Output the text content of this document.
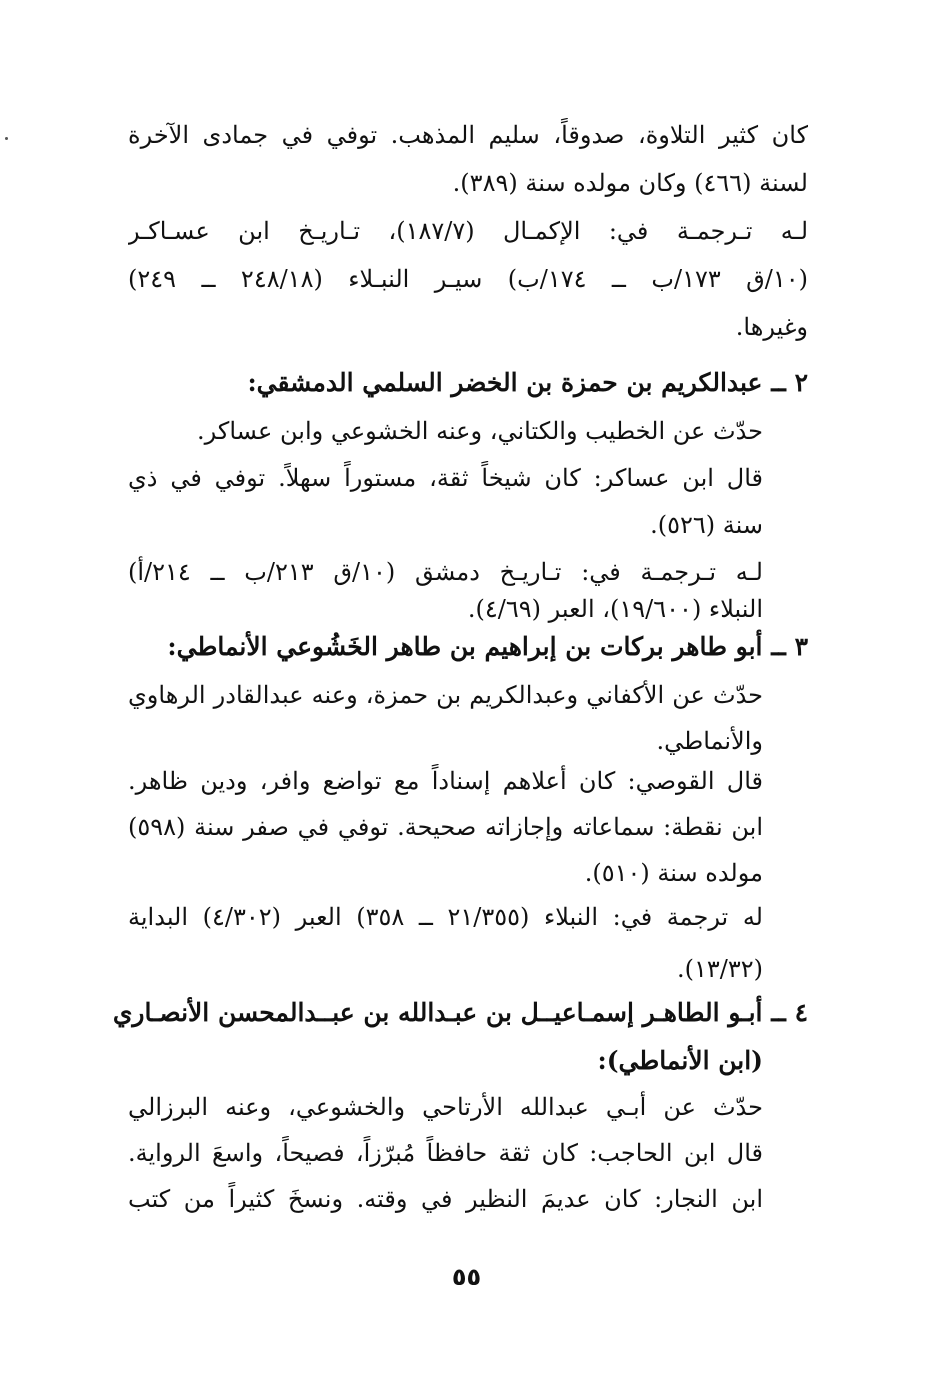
كان كثير التلاوة، صدوقاً، سليم المذهب. توفي في جمادى الآخرة
لسنة (٤٦٦) وكان مولده سنة (٣٨٩).
لـه تـرجمـة في: الإكمـال (١٨٧/٧)، تـاريـخ ابن عسـاكـر
(١٠/ق ١٧٣/ب ــ ١٧٤/ب) سيـر النبـلاء (٢٤٨/١٨ ــ ٢٤٩)
وغيرها.
٢ ــ عبدالكريم بن حمزة بن الخضر السلمي الدمشقي:
حدّث عن الخطيب والكتاني، وعنه الخشوعي وابن عساكر.
قال ابن عساكر: كان شيخاً ثقة، مستوراً سهلاً. توفي في ذي
سنة (٥٢٦).
لـه تـرجمـة في: تـاريـخ دمشق (١٠/ق ٢١٣/ب ــ ٢١٤/أ)
النبلاء (١٩/٦٠٠)، العبر (٤/٦٩).
٣ ــ أبو طاهر بركات بن إبراهيم بن طاهر الخَشُوعي الأنماطي:
حدّث عن الأكفاني وعبدالكريم بن حمزة، وعنه عبدالقادر الرهاوي
والأنماطي.
قال القوصي: كان أعلاهم إسناداً مع تواضع وافر، ودين ظاهر.
ابن نقطة: سماعاته وإجازاته صحيحة. توفي في صفر سنة (٥٩٨)
مولده سنة (٥١٠).
له ترجمة في: النبلاء (٢١/٣٥٥ ــ ٣٥٨) العبر (٤/٣٠٢) البداية
(١٣/٣٢).
٤ ــ أبـو الطاهـر إسمـاعيــل بن عبـدالله بن عبــدالمحسن الأنصـاري
(ابن الأنماطي):
حدّث عن أبـي عبدالله الأرتاحي والخشوعي، وعنه البرزالي
قال ابن الحاجب: كان ثقة حافظاً مُبرّزاً، فصيحاً، واسعَ الرواية.
ابن النجار: كان عديمَ النظير في وقته. ونسخَ كثيراً من كتب
٥٥
